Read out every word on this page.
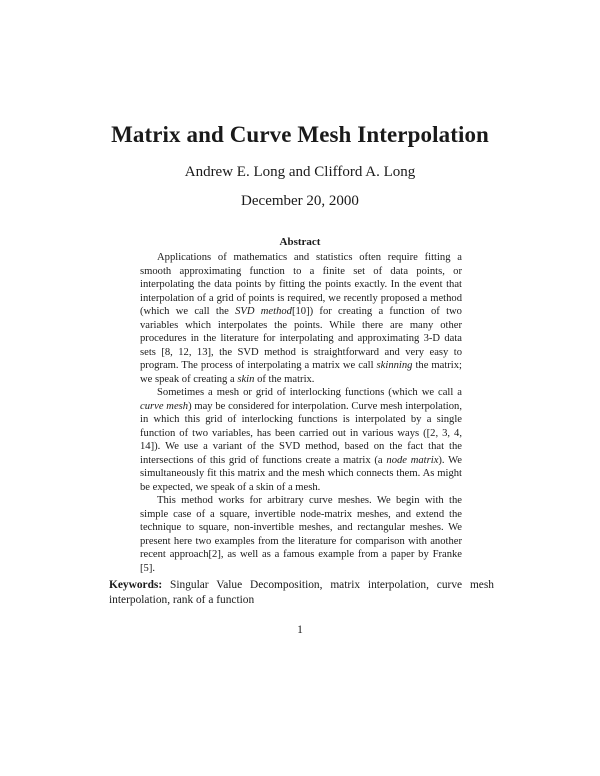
Matrix and Curve Mesh Interpolation
Andrew E. Long and Clifford A. Long
December 20, 2000
Abstract

Applications of mathematics and statistics often require fitting a smooth approximating function to a finite set of data points, or interpolating the data points by fitting the points exactly. In the event that interpolation of a grid of points is required, we recently proposed a method (which we call the SVD method[10]) for creating a function of two variables which interpolates the points. While there are many other procedures in the literature for interpolating and approximating 3-D data sets [8, 12, 13], the SVD method is straightforward and very easy to program. The process of interpolating a matrix we call skinning the matrix; we speak of creating a skin of the matrix.

Sometimes a mesh or grid of interlocking functions (which we call a curve mesh) may be considered for interpolation. Curve mesh interpolation, in which this grid of interlocking functions is interpolated by a single function of two variables, has been carried out in various ways ([2, 3, 4, 14]). We use a variant of the SVD method, based on the fact that the intersections of this grid of functions create a matrix (a node matrix). We simultaneously fit this matrix and the mesh which connects them. As might be expected, we speak of a skin of a mesh.

This method works for arbitrary curve meshes. We begin with the simple case of a square, invertible node-matrix meshes, and extend the technique to square, non-invertible meshes, and rectangular meshes. We present here two examples from the literature for comparison with another recent approach[2], as well as a famous example from a paper by Franke [5].

Keywords: Singular Value Decomposition, matrix interpolation, curve mesh interpolation, rank of a function
1
